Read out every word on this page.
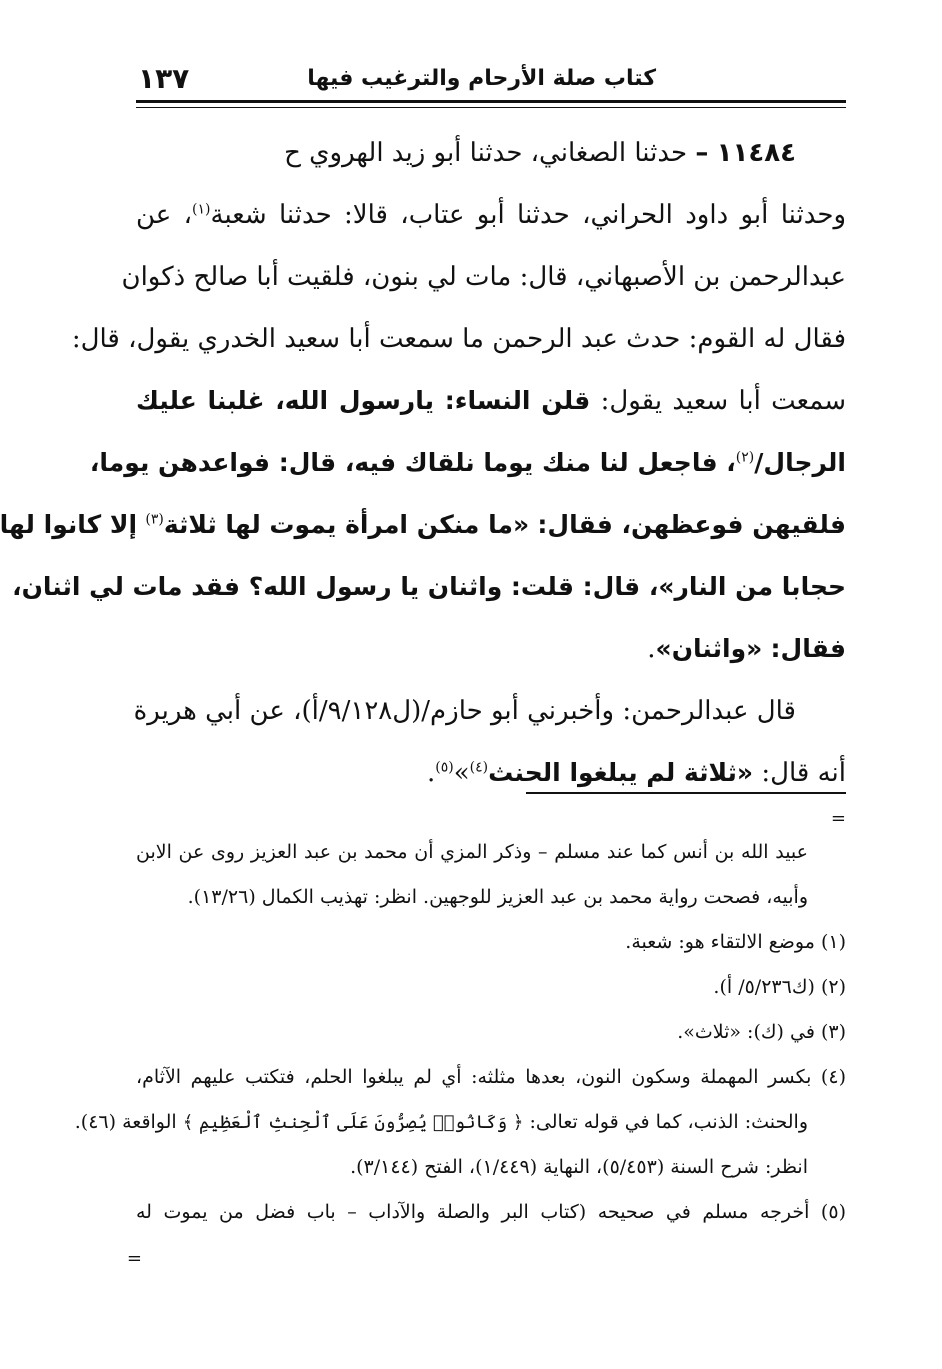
كتاب صلة الأرحام والترغيب فيها
١٣٧
١١٤٨٤ – حدثنا الصغاني، حدثنا أبو زيد الهروي ح
وحدثنا أبو داود الحراني، حدثنا أبو عتاب، قالا: حدثنا شعبة$^{(١)}$، عن
عبدالرحمن بن الأصبهاني، قال: مات لي بنون، فلقيت أبا صالح ذكوان
فقال له القوم: حدث عبد الرحمن ما سمعت أبا سعيد الخدري يقول، قال:
سمعت أبا سعيد يقول: قلن النساء: يارسول الله، غلبنا عليك
الرجال/$^{(٢)}$، فاجعل لنا منك يوما نلقاك فيه، قال: فواعدهن يوما،
فلقيهن فوعظهن، فقال: «ما منكن امرأة يموت لها ثلاثة$^{(٣)}$ إلا كانوا لها
حجابا من النار»، قال: قلت: واثنان يا رسول الله؟ فقد مات لي اثنان،
فقال: «واثنان».
قال عبدالرحمن: وأخبرني أبو حازم/(ل٩/١٢٨/أ)، عن أبي هريرة
أنه قال: «ثلاثة لم يبلغوا الحنث$^{(٤)}$»$^{(٥)}$.
=
عبيد الله بن أنس كما عند مسلم – وذكر المزي أن محمد بن عبد العزيز روى عن الابن
وأبيه، فصحت رواية محمد بن عبد العزيز للوجهين. انظر: تهذيب الكمال (١٣/٢٦).
(١) موضع الالتقاء هو: شعبة.
(٢) (ك٥/٢٣٦/ أ).
(٣) في (ك): «ثلاث».
(٤) بكسر المهملة وسكون النون، بعدها مثلثه: أي لم يبلغوا الحلم، فتكتب عليهم الآثام،
والحنث: الذنب، كما في قوله تعالى: ﴿ وَكَانُوا۟ يُصِرُّونَ عَلَى ٱلْحِنثِ ٱلْعَظِيمِ ﴾ الواقعة (٤٦).
انظر: شرح السنة (٥/٤٥٣)، النهاية (١/٤٤٩)، الفتح (٣/١٤٤).
(٥) أخرجه مسلم في صحيحه (كتاب البر والصلة والآداب – باب فضل من يموت له
=
